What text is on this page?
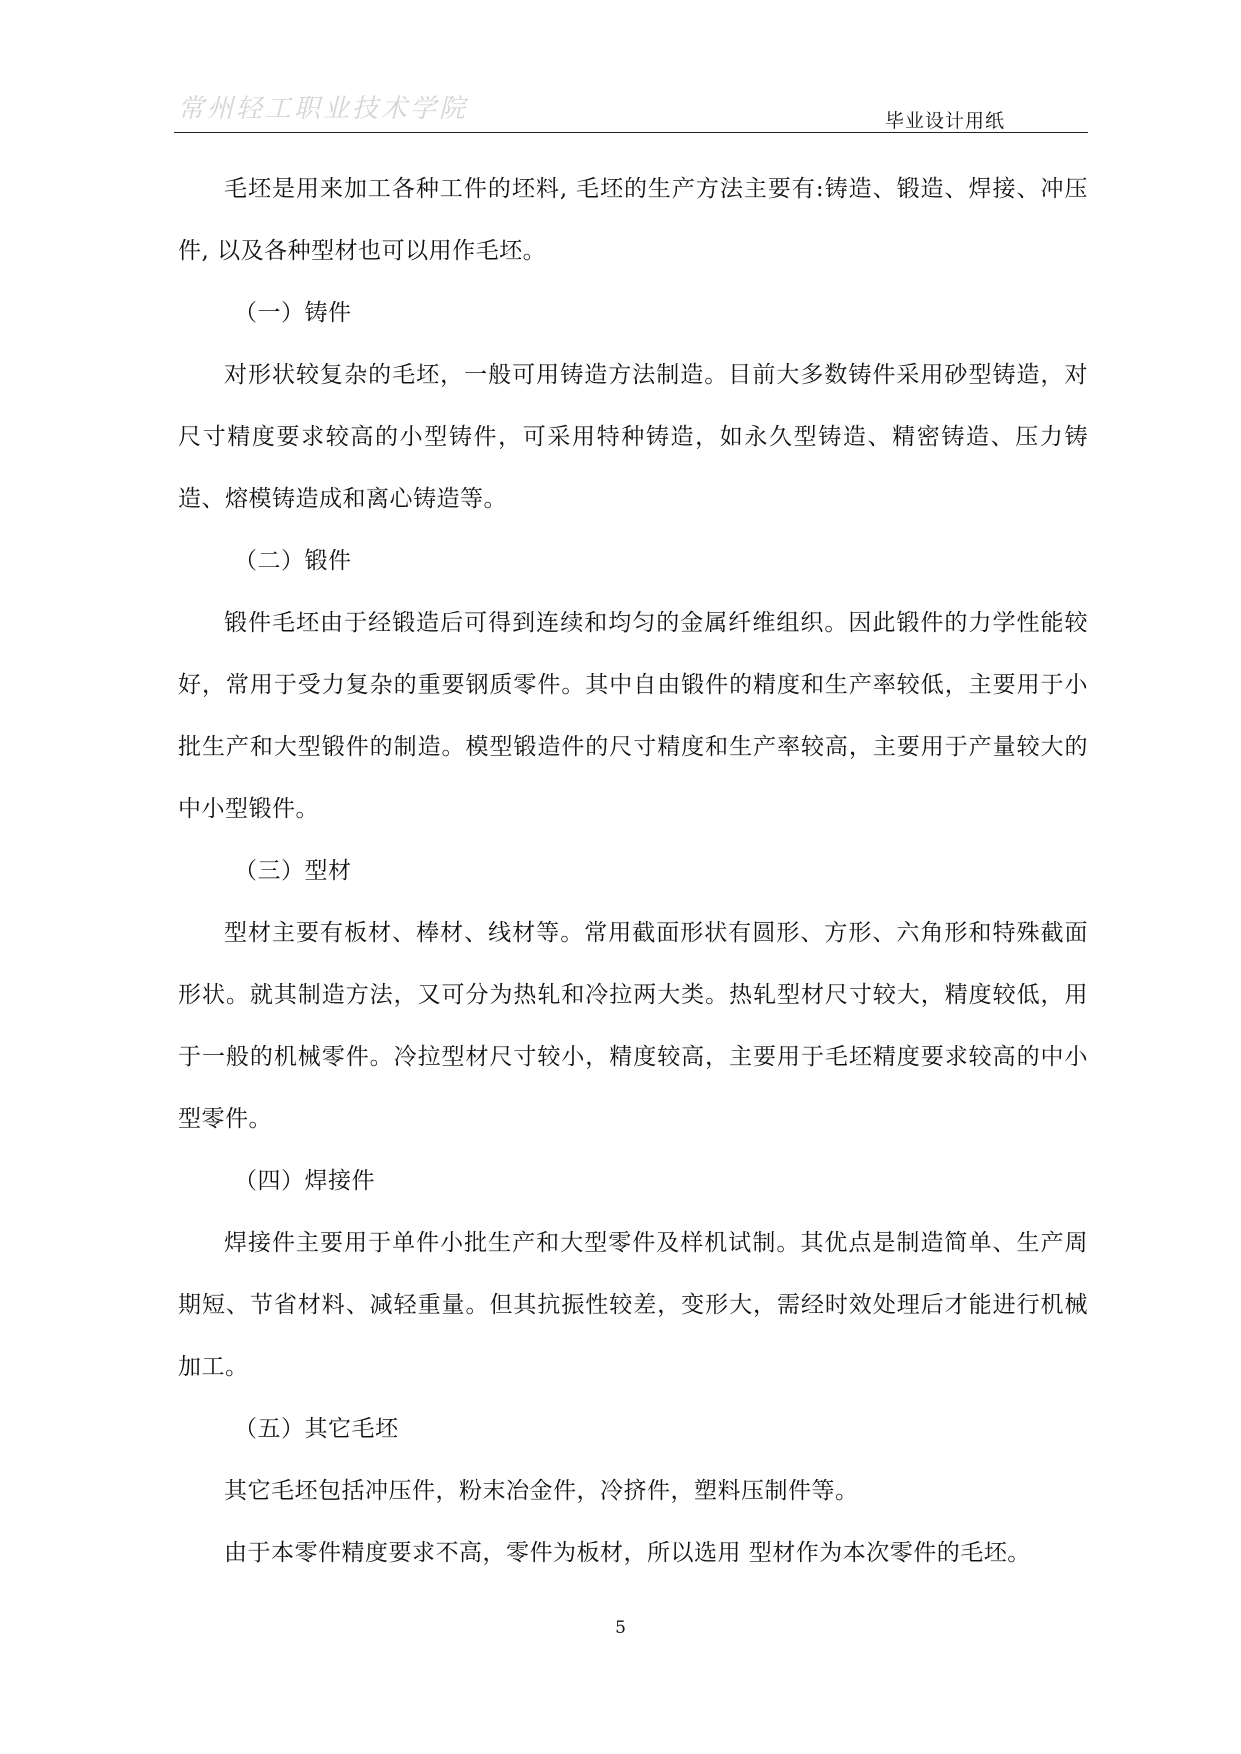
常州轻工职业技术学院	毕业设计用纸

毛坯是用来加工各种工件的坯料, 毛坯的生产方法主要有:铸造、锻造、焊接、冲压件, 以及各种型材也可以用作毛坯。

（一）铸件

对形状较复杂的毛坯，一般可用铸造方法制造。目前大多数铸件采用砂型铸造，对尺寸精度要求较高的小型铸件，可采用特种铸造，如永久型铸造、精密铸造、压力铸造、熔模铸造成和离心铸造等。

（二）锻件

锻件毛坯由于经锻造后可得到连续和均匀的金属纤维组织。因此锻件的力学性能较好，常用于受力复杂的重要钢质零件。其中自由锻件的精度和生产率较低，主要用于小批生产和大型锻件的制造。模型锻造件的尺寸精度和生产率较高，主要用于产量较大的中小型锻件。

（三）型材

型材主要有板材、棒材、线材等。常用截面形状有圆形、方形、六角形和特殊截面形状。就其制造方法，又可分为热轧和冷拉两大类。热轧型材尺寸较大，精度较低，用于一般的机械零件。冷拉型材尺寸较小，精度较高，主要用于毛坯精度要求较高的中小型零件。

（四）焊接件

焊接件主要用于单件小批生产和大型零件及样机试制。其优点是制造简单、生产周期短、节省材料、减轻重量。但其抗振性较差，变形大，需经时效处理后才能进行机械加工。

（五）其它毛坯

其它毛坯包括冲压件，粉末冶金件，冷挤件，塑料压制件等。

由于本零件精度要求不高，零件为板材，所以选用 型材作为本次零件的毛坯。

5
